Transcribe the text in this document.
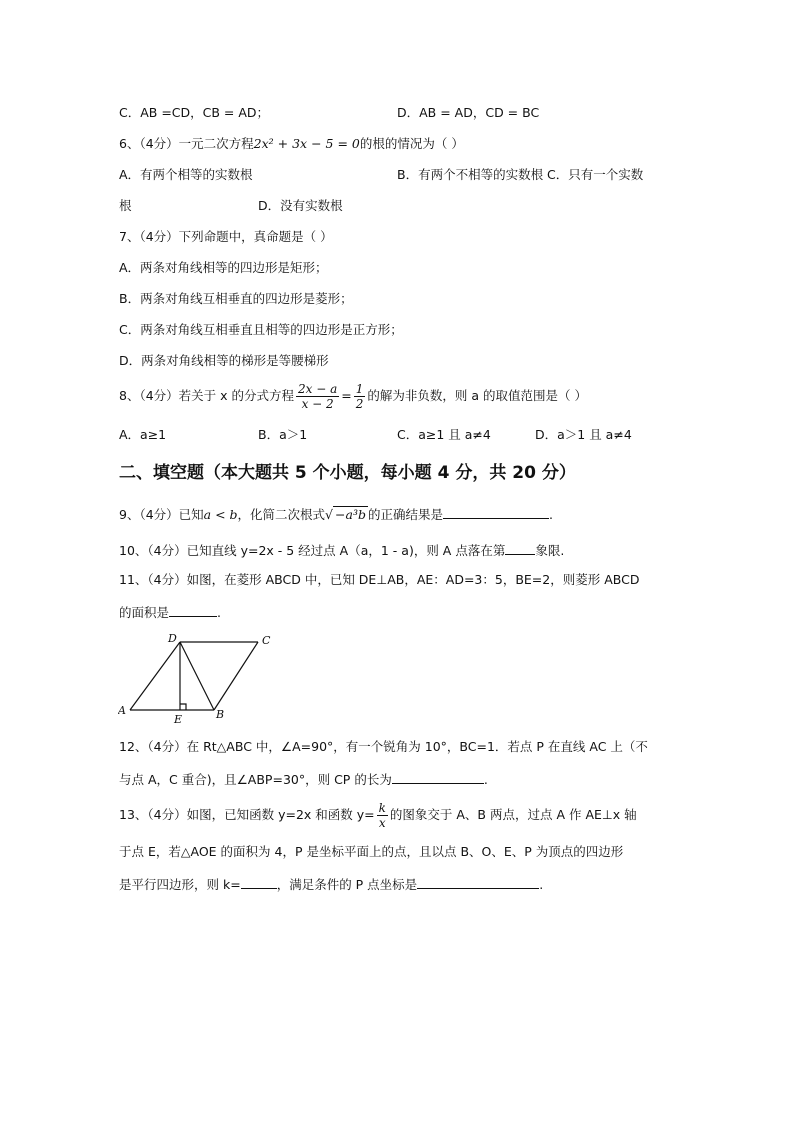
C．AB =CD，CB = AD；	D．AB = AD，CD = BC
6、（4分）一元二次方程2x² + 3x − 5 = 0的根的情况为（ ）
A．有两个相等的实数根	B．有两个不相等的实数根 C．只有一个实数
根	D．没有实数根
7、（4分）下列命题中，真命题是（ ）
A．两条对角线相等的四边形是矩形；
B．两条对角线互相垂直的四边形是菱形；
C．两条对角线互相垂直且相等的四边形是正方形；
D．两条对角线相等的梯形是等腰梯形
8、（4分）若关于 x 的分式方程 $\frac{2x - a}{x - 2} = \frac{1}{2}$ 的解为非负数，则 a 的取值范围是（ ）
A．a≥1	B．a＞1	C．a≥1 且 a≠4	D．a＞1 且 a≠4
二、填空题（本大题共 5 个小题，每小题 4 分，共 20 分）
9、（4分）已知a < b，化简二次根式√ −a³b 的正确结果是	.
10、（4分）已知直线 y=2x - 5 经过点 A（a，1 - a)，则 A 点落在第 象限.
11、（4分）如图，在菱形 ABCD 中，已知 DE⊥AB，AE：AD=3：5，BE=2，则菱形 ABCD
的面积是	.
A	B
C
D
E
12、（4分）在 Rt△ABC 中，∠A=90°，有一个锐角为 10°，BC=1．若点 P 在直线 AC 上（不
与点 A，C 重合)，且∠ABP=30°，则 CP 的长为	.
13、（4分）如图，已知函数 y=2x 和函数 $y= \frac{k}{x}$ 的图象交于 A、B 两点，过点 A 作 AE⊥x 轴
于点 E，若△AOE 的面积为 4，P 是坐标平面上的点，且以点 B、O、E、P 为顶点的四边形
是平行四边形，则 k=	，满足条件的 P 点坐标是	.
